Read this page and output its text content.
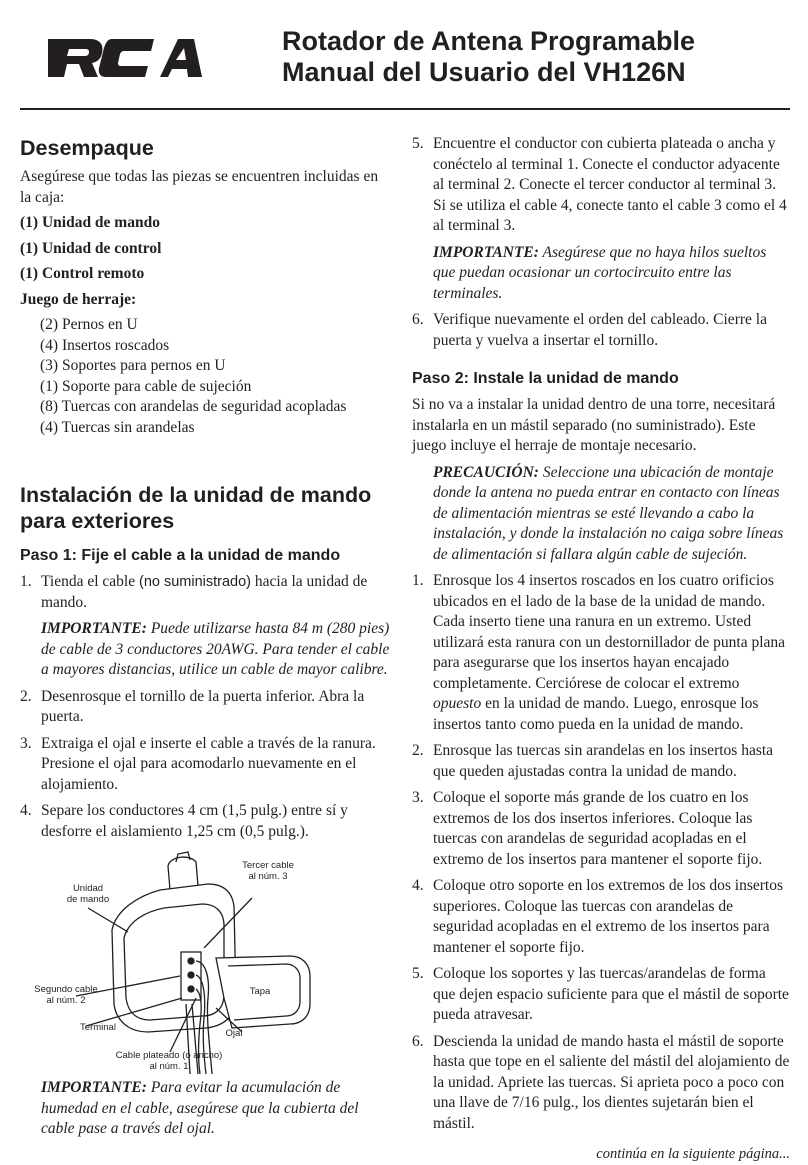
Rotador de Antena Programable
Manual del Usuario del VH126N
Desempaque

Asegúrese que todas las piezas se encuentren incluidas en la caja:

(1) Unidad de mando

(1) Unidad de control

(1) Control remoto

Juego de herraje:

(2) Pernos en U

(4) Insertos roscados

(3) Soportes para pernos en U

(1) Soporte para cable de sujeción

(8) Tuercas con arandelas de seguridad acopladas

(4) Tuercas sin arandelas

Instalación de la unidad de mando para exteriores
Paso 1: Fije el cable a la unidad de mando

1. Tienda el cable (no suministrado) hacia la unidad de mando.

IMPORTANTE: Puede utilizarse hasta 84 m (280 pies) de cable de 3 conductores 20AWG. Para tender el cable a mayores distancias, utilice un cable de mayor calibre.

2. Desenrosque el tornillo de la puerta inferior. Abra la puerta.

3. Extraiga el ojal e inserte el cable a través de la ranura. Presione el ojal para acomodarlo nuevamente en el alojamiento.

4. Separe los conductores 4 cm (1,5 pulg.) entre sí y desforre el aislamiento 1,25 cm (0,5 pulg.).

Unidad
de mando
Tercer cable
al núm. 3
Segundo cable
al núm. 2
Tapa
Terminal
Ojal
Cable plateado (o ancho)
al núm. 1

IMPORTANTE: Para evitar la acumulación de humedad en el cable, asegúrese que la cubierta del cable pase a través del ojal.

5. Encuentre el conductor con cubierta plateada o ancha y conéctelo al terminal 1. Conecte el conductor adyacente al terminal 2. Conecte el tercer conductor al terminal 3. Si se utiliza el cable 4, conecte tanto el cable 3 como el 4 al terminal 3.

IMPORTANTE: Asegúrese que no haya hilos sueltos que puedan ocasionar un cortocircuito entre las terminales.

6. Verifique nuevamente el orden del cableado. Cierre la puerta y vuelva a insertar el tornillo.

Paso 2: Instale la unidad de mando

Si no va a instalar la unidad dentro de una torre, necesitará instalarla en un mástil separado (no suministrado). Este juego incluye el herraje de montaje necesario.

PRECAUCIÓN: Seleccione una ubicación de montaje donde la antena no pueda entrar en contacto con líneas de alimentación mientras se esté llevando a cabo la instalación, y donde la instalación no caiga sobre líneas de alimentación si fallara algún cable de sujeción.

1. Enrosque los 4 insertos roscados en los cuatro orificios ubicados en el lado de la base de la unidad de mando. Cada inserto tiene una ranura en un extremo. Usted utilizará esta ranura con un destornillador de punta plana para asegurarse que los insertos hayan encajado completamente. Cerciórese de colocar el extremo opuesto en la unidad de mando. Luego, enrosque los insertos tanto como pueda en la unidad de mando.

2. Enrosque las tuercas sin arandelas en los insertos hasta que queden ajustadas contra la unidad de mando.

3. Coloque el soporte más grande de los cuatro en los extremos de los dos insertos inferiores. Coloque las tuercas con arandelas de seguridad acopladas en el extremo de los insertos para mantener el soporte fijo.

4. Coloque otro soporte en los extremos de los dos insertos superiores. Coloque las tuercas con arandelas de seguridad acopladas en el extremo de los insertos para mantener el soporte fijo.

5. Coloque los soportes y las tuercas/arandelas de forma que dejen espacio suficiente para que el mástil de soporte pueda atravesar.

6. Descienda la unidad de mando hasta el mástil de soporte hasta que tope en el saliente del mástil del alojamiento de la unidad. Apriete las tuercas. Si aprieta poco a poco con una llave de 7/16 pulg., los dientes sujetarán bien el mástil.

continúa en la siguiente página...
